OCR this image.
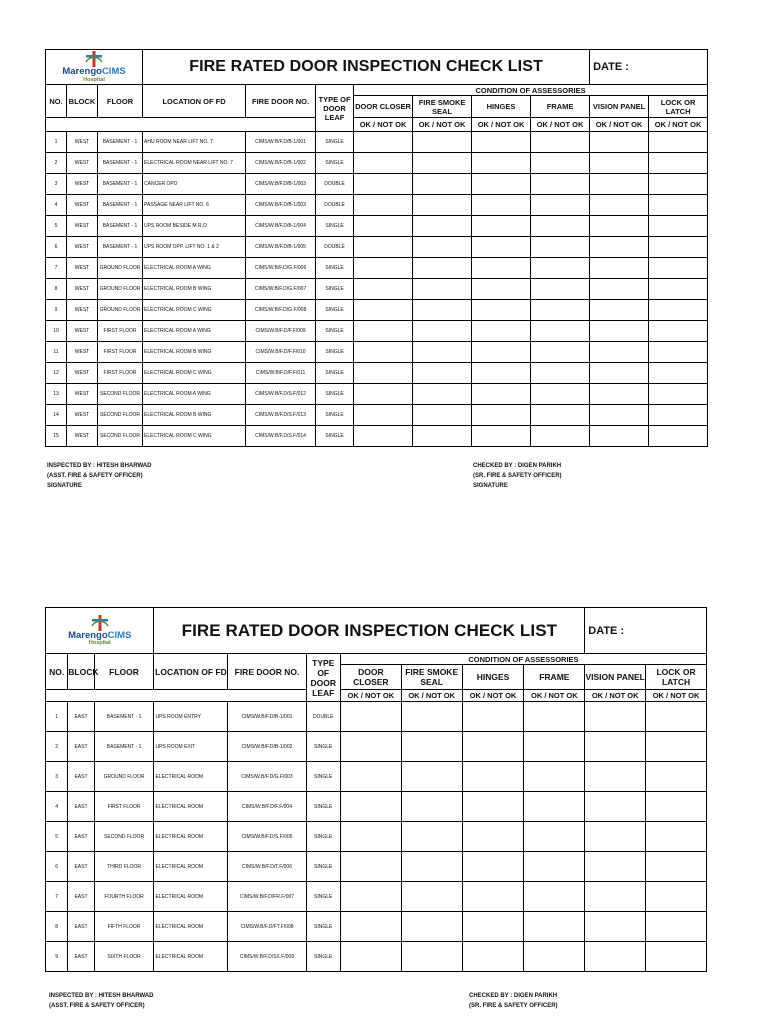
MarengoCIMS
Hospital			FIRE RATED DOOR INSPECTION CHECK LIST							DATE :	
NO.	BLOCK	FLOOR	LOCATION OF FD	FIRE DOOR NO.	TYPE OF DOOR LEAF	CONDITION OF ASSESSORIES					
						DOOR CLOSER	FIRE SMOKE SEAL	HINGES	FRAME	VISION PANEL	LOCK OR LATCH
						OK / NOT OK	OK / NOT OK	OK / NOT OK	OK / NOT OK	OK / NOT OK	OK / NOT OK
1	WEST	BASEMENT - 1	AHU ROOM NEAR LIFT NO. 7	CIMS/W.B/F.D/B-1/001	SINGLE						
2	WEST	BASEMENT - 1	ELECTRICAL ROOM NEAR LIFT NO. 7	CIMS/W.B/F.D/B-1/002	SINGLE						
3	WEST	BASEMENT - 1	CANCER OPD	CIMS/W.B/F.D/B-1/003	DOUBLE						
4	WEST	BASEMENT - 1	PASSAGE NEAR LIFT NO. 6	CIMS/W.B/F.D/B-1/003	DOUBLE						
5	WEST	BASEMENT - 1	UPS ROOM BESIDE M.R.O	CIMS/W.B/F.D/B-1/004	SINGLE						
6	WEST	BASEMENT - 1	UPS ROOM OPP. LIFT NO. 1 & 2	CIMS/W.B/F.D/B-1/005	DOUBLE						
7	WEST	GROUND FLOOR	ELECTRICAL ROOM A WING	CIMS/W.B/F.D/G.F/006	SINGLE						
8	WEST	GROUND FLOOR	ELECTRICAL ROOM B WING	CIMS/W.B/F.D/G.F/007	SINGLE						
9	WEST	GROUND FLOOR	ELECTRICAL ROOM C WING	CIMS/W.B/F.D/G.F/008	SINGLE						
10	WEST	FIRST FLOOR	ELECTRICAL ROOM A WING	CIMS/W.B/F.D/F.F/009	SINGLE						
11	WEST	FIRST FLOOR	ELECTRICAL ROOM B WING	CIMS/W.B/F.D/F.F/010	SINGLE						
12	WEST	FIRST FLOOR	ELECTRICAL ROOM C WING	CIMS/W.B/F.D/F.F/011	SINGLE						
13	WEST	SECOND FLOOR	ELECTRICAL ROOM A WING	CIMS/W.B/F.D/S.F/012	SINGLE						
14	WEST	SECOND FLOOR	ELECTRICAL ROOM B WING	CIMS/W.B/F.D/S.F/013	SINGLE						
15	WEST	SECOND FLOOR	ELECTRICAL ROOM C WING	CIMS/W.B/F.D/S.F/014	SINGLE						
INSPECTED BY : HITESH BHARWAD
(ASST. FIRE & SAFETY OFFICER)
SIGNATURE
CHECKED BY : DIGEN PARIKH
(SR. FIRE & SAFETY OFFICER)
SIGNATURE
MarengoCIMS
Hospital			FIRE RATED DOOR INSPECTION CHECK LIST							DATE :	
NO.	BLOCK	FLOOR	LOCATION OF FD	FIRE DOOR NO.	TYPE OF DOOR LEAF	CONDITION OF ASSESSORIES					
						DOOR CLOSER	FIRE SMOKE SEAL	HINGES	FRAME	VISION PANEL	LOCK OR LATCH
						OK / NOT OK	OK / NOT OK	OK / NOT OK	OK / NOT OK	OK / NOT OK	OK / NOT OK
1	EAST	BASEMENT - 1	UPS ROOM ENTRY	CIMS/W.B/F.D/B-1/001	DOUBLE						
2	EAST	BASEMENT - 1	UPS ROOM EXIT	CIMS/W.B/F.D/B-1/002	SINGLE						
3	EAST	GROUND FLOOR	ELECTRICAL ROOM	CIMS/W.B/F.D/G.F/003	SINGLE						
4	EAST	FIRST FLOOR	ELECTRICAL ROOM	CIMS/W.B/F.D/F.F/004	SINGLE						
5	EAST	SECOND FLOOR	ELECTRICAL ROOM	CIMS/W.B/F.D/S.F/005	SINGLE						
6	EAST	THIRD FLOOR	ELECTRICAL ROOM	CIMS/W.B/F.D/T.F/006	SINGLE						
7	EAST	FOURTH FLOOR	ELECTRICAL ROOM	CIMS/W.B/F.D/FR.F/007	SINGLE						
8	EAST	FIFTH FLOOR	ELECTRICAL ROOM	CIMS/W.B/F.D/FT.F/008	SINGLE						
9	EAST	SIXTH FLOOR	ELECTRICAL ROOM	CIMS/W.B/F.D/SX.F/009	SINGLE						
INSPECTED BY : HITESH BHARWAD
(ASST. FIRE & SAFETY OFFICER)
CHECKED BY : DIGEN PARIKH
(SR. FIRE & SAFETY OFFICER)
